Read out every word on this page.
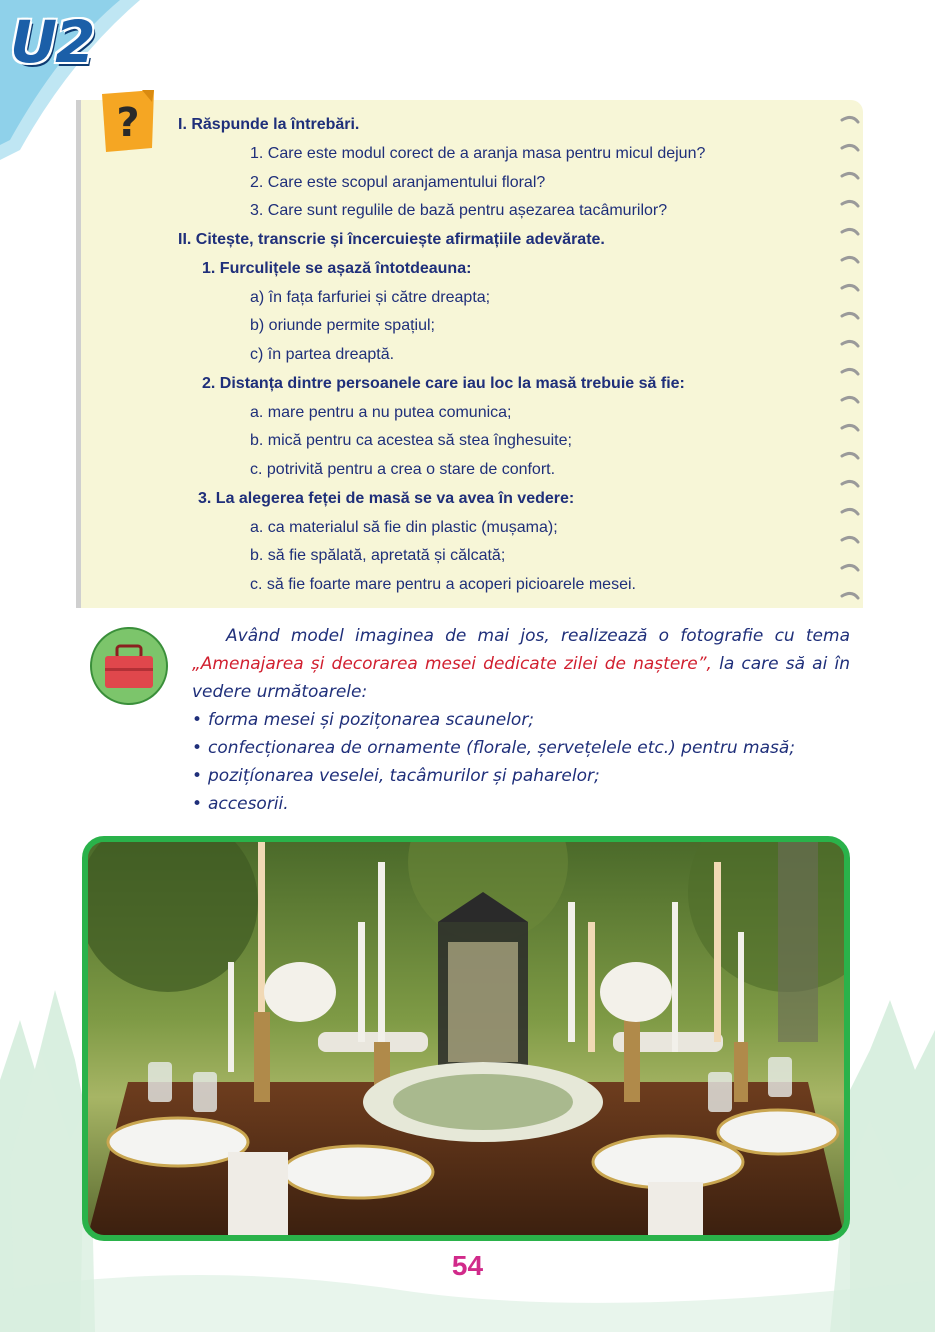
U2
? I. Răspunde la întrebări.
1. Care este modul corect de a aranja masa pentru micul dejun?
2. Care este scopul aranjamentului floral?
3. Care sunt regulile de bază pentru așezarea tacâmurilor?
II. Citește, transcrie și încercuiește afirmațiile adevărate.
1. Furculițele se așază întotdeauna:
a) în fața farfuriei și către dreapta;
b) oriunde permite spațiul;
c) în partea dreaptă.
2. Distanța dintre persoanele care iau loc la masă trebuie să fie:
a. mare pentru a nu putea comunica;
b. mică pentru ca acestea să stea înghesuite;
c. potrivită pentru a crea o stare de confort.
3. La alegerea feței de masă se va avea în vedere:
a. ca materialul să fie din plastic (mușama);
b. să fie spălată, apretată și călcată;
c. să fie foarte mare pentru a acoperi picioarele mesei.

Având model imaginea de mai jos, realizează o fotografie cu tema „Amenajarea și decorarea mesei dedicate zilei de naștere”, la care să ai în vedere următoarele:

• forma mesei și pozițonarea scaunelor;
• confecționarea de ornamente (florale, șervețelele etc.) pentru masă;
• pozițíonarea veselei, tacâmurilor și paharelor;
• accesorii.
54
